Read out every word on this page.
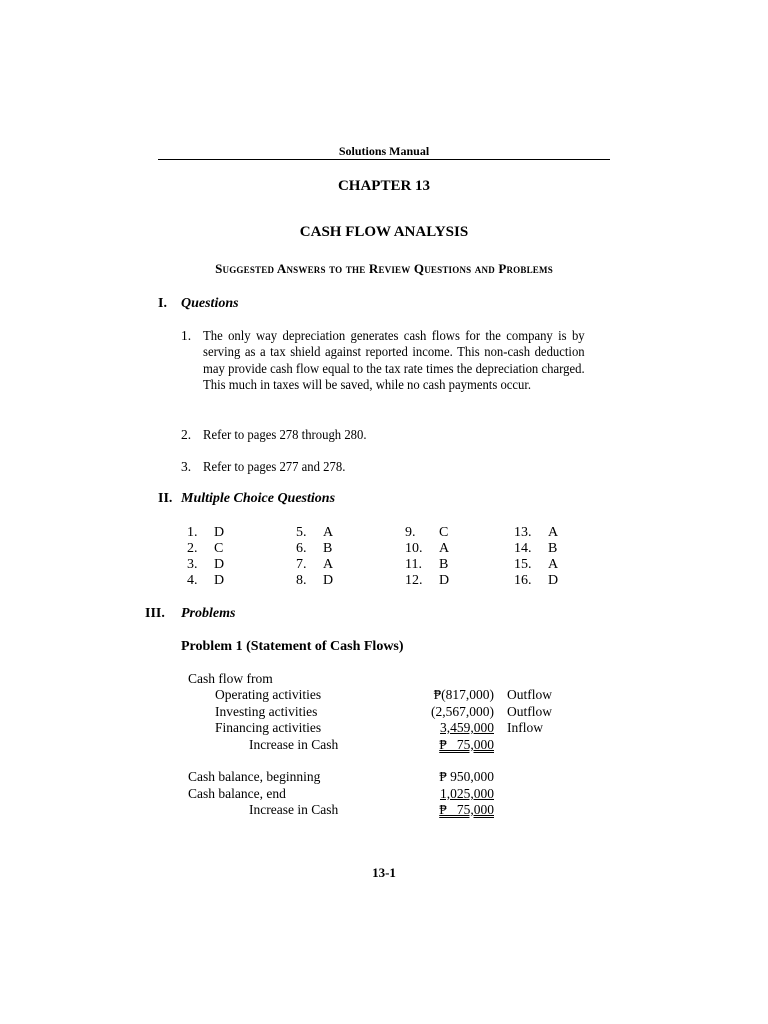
Solutions Manual
CHAPTER 13
CASH FLOW ANALYSIS
Suggested Answers to the Review Questions and Problems
I. Questions
1. The only way depreciation generates cash flows for the company is by serving as a tax shield against reported income. This non-cash deduction may provide cash flow equal to the tax rate times the depreciation charged. This much in taxes will be saved, while no cash payments occur.
2. Refer to pages 278 through 280.
3. Refer to pages 277 and 278.
II. Multiple Choice Questions
1. D
2. C
3. D
4. D
5. A
6. B
7. A
8. D
9. C
10. A
11. B
12. D
13. A
14. B
15. A
16. D
III. Problems
Problem 1 (Statement of Cash Flows)
Cash flow from
Operating activities	₱(817,000) Outflow
Investing activities	(2,567,000) Outflow
Financing activities	3,459,000 Inflow
Increase in Cash	₱   75,000
Cash balance, beginning	₱ 950,000
Cash balance, end	1,025,000
Increase in Cash	₱   75,000
13-1
